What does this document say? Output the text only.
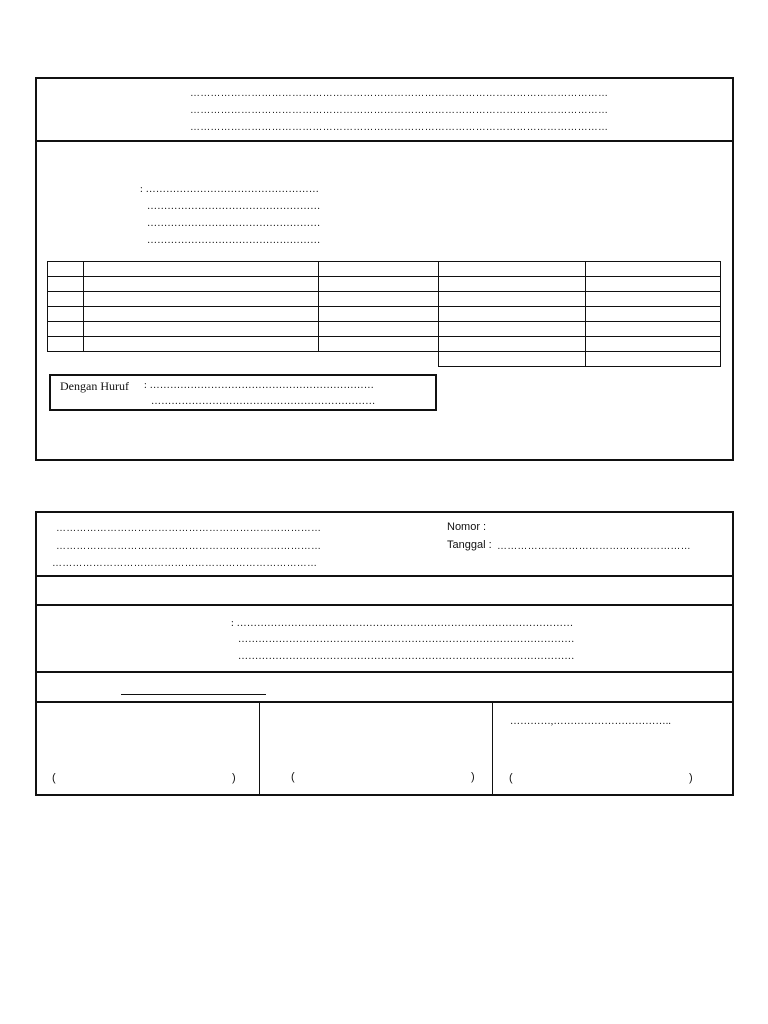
……………………………………………………………………………………………………………
……………………………………………………………………………………………………………
……………………………………………………………………………………………………………
: ……………………………………………
……………………………………………
……………………………………………
……………………………………………

Dengan Huruf : …………………………………………………………
…………………………………………………………
……………………………………………………………………
……………………………………………………………………
……………………………………………………………………
Nomor :
Tanggal : …………………………………………………
: ………………………………………………………………………………………
………………………………………………………………………………………
………………………………………………………………………………………
…………,……………………………..
(	)	(	)	(	)
